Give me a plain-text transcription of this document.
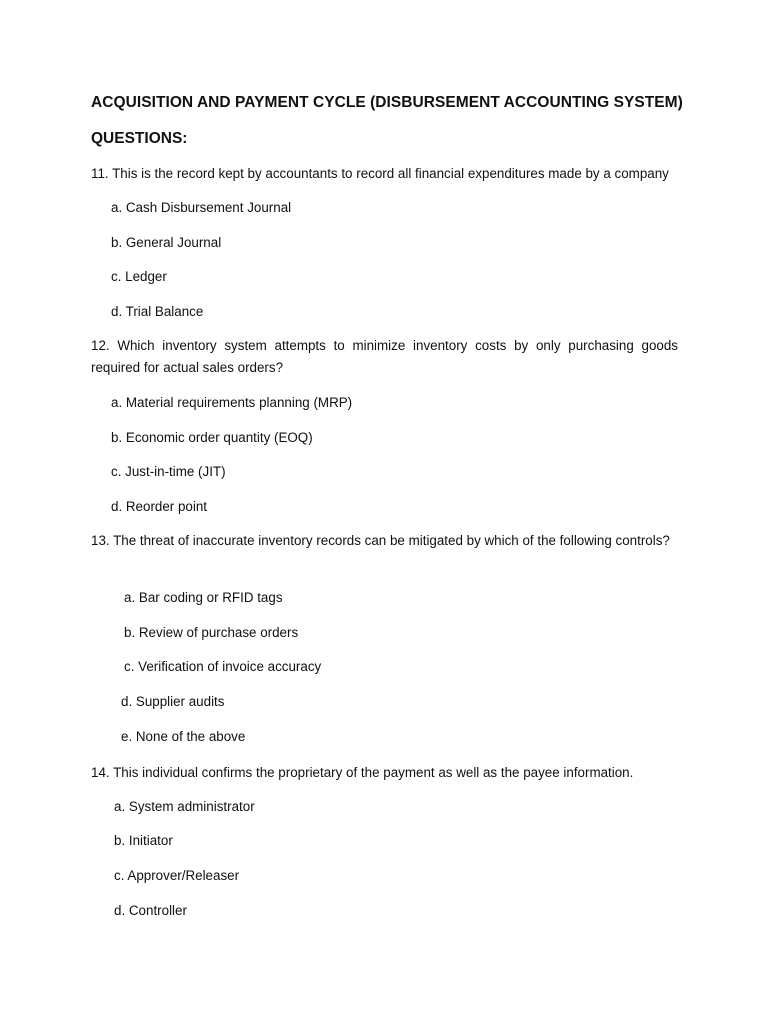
ACQUISITION AND PAYMENT CYCLE (DISBURSEMENT ACCOUNTING SYSTEM)
QUESTIONS:
11. This is the record kept by accountants to record all financial expenditures made by a company
a. Cash Disbursement Journal
b. General Journal
c. Ledger
d. Trial Balance
12. Which inventory system attempts to minimize inventory costs by only purchasing goods required for actual sales orders?
a. Material requirements planning (MRP)
b. Economic order quantity (EOQ)
c. Just-in-time (JIT)
d. Reorder point
13. The threat of inaccurate inventory records can be mitigated by which of the following controls?
a. Bar coding or RFID tags
b. Review of purchase orders
c. Verification of invoice accuracy
d. Supplier audits
e. None of the above
14. This individual confirms the proprietary of the payment as well as the payee information.
a. System administrator
b. Initiator
c. Approver/Releaser
d. Controller
